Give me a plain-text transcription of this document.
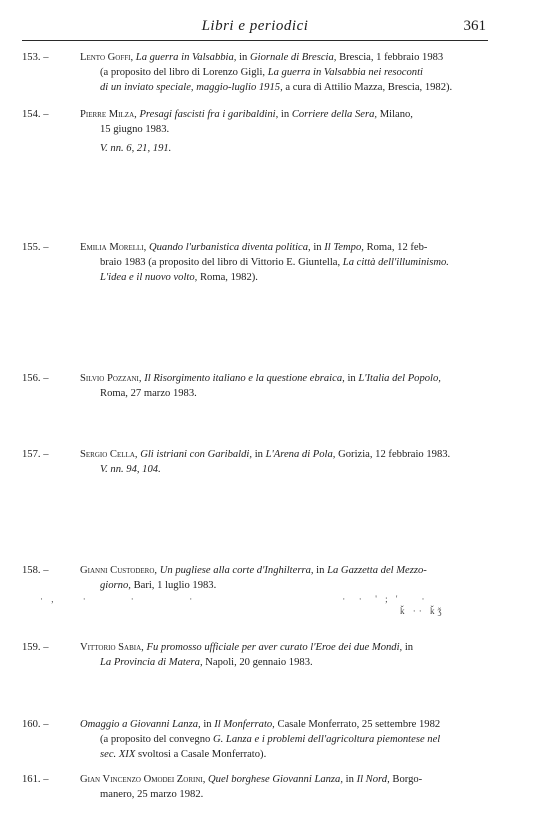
Libri e periodici	361
153. –	Lento Goffi, La guerra in Valsabbia, in Giornale di Brescia, Brescia, 1 febbraio 1983
(a proposito del libro di Lorenzo Gigli, La guerra in Valsabbia nei resoconti
di un inviato speciale, maggio-luglio 1915, a cura di Attilio Mazza, Brescia, 1982).
154. –	Pierre Milza, Presagi fascisti fra i garibaldini, in Corriere della Sera, Milano,
15 giugno 1983.
V. nn. 6, 21, 191.
155. –	Emilia Morelli, Quando l'urbanistica diventa politica, in Il Tempo, Roma, 12 feb-
braio 1983 (a proposito del libro di Vittorio E. Giuntella, La città dell'illuminismo.
L'idea e il nuovo volto, Roma, 1982).
156. –	Silvio Pozzani, Il Risorgimento italiano e la questione ebraica, in L'Italia del Popolo,
Roma, 27 marzo 1983.
157. –	Sergio Cella, Gli istriani con Garibaldi, in L'Arena di Pola, Gorizia, 12 febbraio 1983.
V. nn. 94, 104.
158. –	Gianni Custodero, Un pugliese alla corte d'Inghilterra, in La Gazzetta del Mezzo-
giorno, Bari, 1 luglio 1983.
· ,     ·        ·          ·                            ·  ·  ' ; '    ·
ǩ ·· ǩǯ
159. –	Vittorio Sabia, Fu promosso ufficiale per aver curato l'Eroe dei due Mondi, in
La Provincia di Matera, Napoli, 20 gennaio 1983.
160. –	Omaggio a Giovanni Lanza, in Il Monferrato, Casale Monferrato, 25 settembre 1982
(a proposito del convegno G. Lanza e i problemi dell'agricoltura piemontese nel
sec. XIX svoltosi a Casale Monferrato).
161. –	Gian Vincenzo Omodei Zorini, Quel borghese Giovanni Lanza, in Il Nord, Borgo-
manero, 25 marzo 1982.
